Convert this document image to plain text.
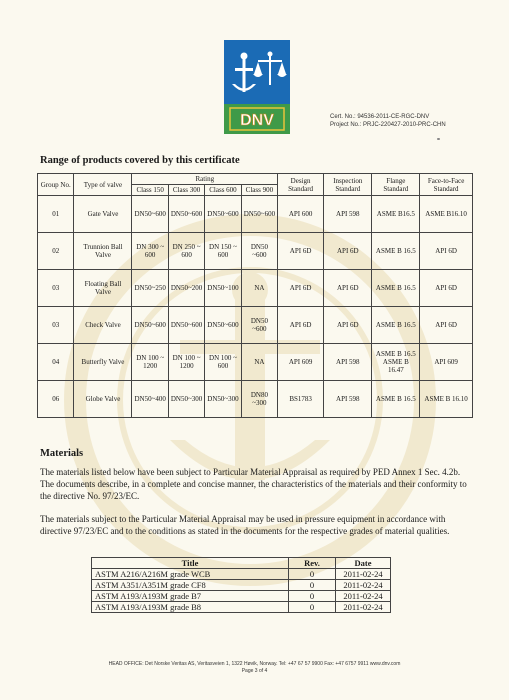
DNV	Cert. No.: 94536-2011-CE-RGC-DNV
Project No.: PRJC-220427-2010-PRC-CHN
Range of products covered by this certificate
Group No.	Type of valve	Rating				Design Standard	Inspection Standard	Flange Standard	Face-to-Face Standard
		Class 150	Class 300	Class 600	Class 900				
01	Gate Valve	DN50~600	DN50~600	DN50~600	DN50~600	API 600	API 598	ASME B16.5	ASME B16.10
02	Trunnion Ball Valve	DN 300 ~ 600	DN 250 ~ 600	DN 150 ~ 600	DN50 ~600	API 6D	API 6D	ASME B 16.5	API 6D
03	Floating Ball Valve	DN50~250	DN50~200	DN50~100	NA	API 6D	API 6D	ASME B 16.5	API 6D
03	Check Valve	DN50~600	DN50~600	DN50~600	DN50 ~600	API 6D	API 6D	ASME B 16.5	API 6D
04	Butterfly Valve	DN 100 ~ 1200	DN 100 ~ 1200	DN 100 ~ 600	NA	API 609	API 598	ASME B 16.5 ASME B 16.47	API 609
06	Globe Valve	DN50~400	DN50~300	DN50~300	DN80 ~300	BS1783	API 598	ASME B 16.5	ASME B 16.10
Materials
The materials listed below have been subject to Particular Material Appraisal as required by PED Annex 1 Sec. 4.2b. The documents describe, in a complete and concise manner, the characteristics of the materials and their conformity to the directive No. 97/23/EC.
The materials subject to the Particular Material Appraisal may be used in pressure equipment in accordance with directive 97/23/EC and to the conditions as stated in the documents for the respective grades of material qualities.
Title	Rev.	Date
ASTM A216/A216M grade WCB	0	2011-02-24
ASTM A351/A351M grade CF8	0	2011-02-24
ASTM A193/A193M grade B7	0	2011-02-24
ASTM A193/A193M grade B8	0	2011-02-24
HEAD OFFICE: Det Norske Veritas AS, Veritasveien 1, 1322 Høvik, Norway. Tel: +47 67 57 9900 Fax: +47 6757 9911 www.dnv.com
Page 3 of 4
